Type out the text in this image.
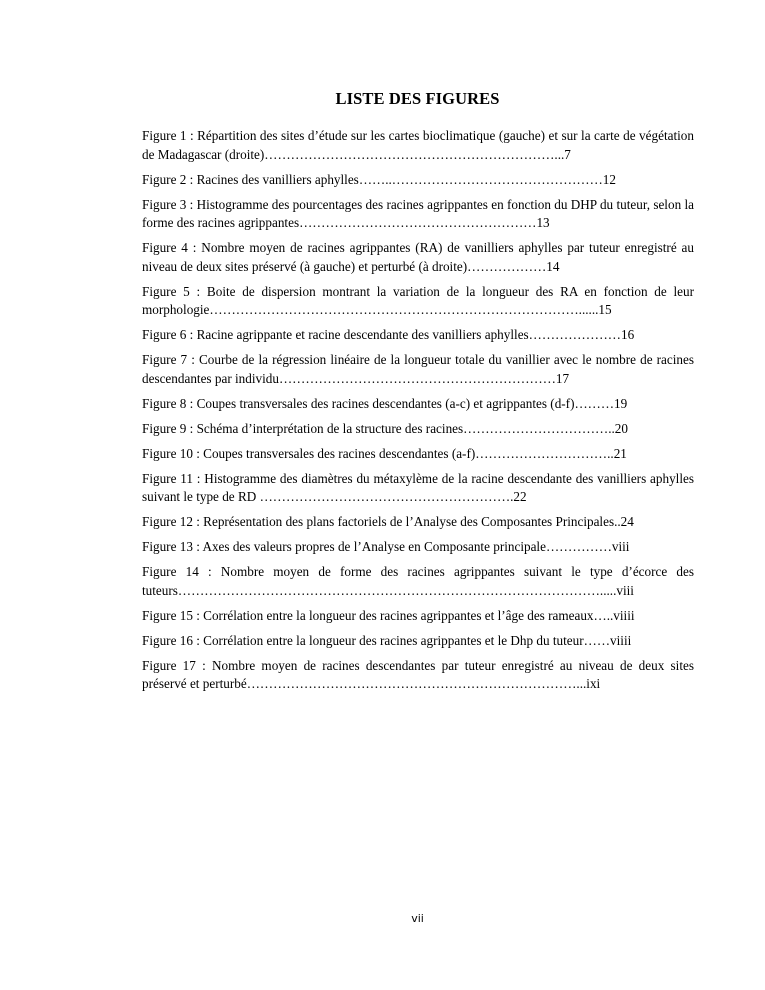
LISTE DES FIGURES
Figure 1 : Répartition des sites d’étude sur les cartes bioclimatique (gauche) et sur la carte de végétation de Madagascar (droite)…………………………………………………………...7
Figure 2 : Racines des vanilliers aphylles……..…………………………………………12
Figure 3 : Histogramme des pourcentages des racines agrippantes en fonction du DHP du tuteur, selon la forme des racines agrippantes………………………………………………13
Figure 4 : Nombre moyen de racines agrippantes (RA) de vanilliers aphylles par tuteur enregistré au niveau de deux sites préservé (à gauche) et perturbé (à droite)………………14
Figure 5 : Boite de dispersion montrant la variation de la longueur des RA en fonction de leur morphologie…………………………………………………………………………......15
Figure 6 : Racine agrippante et racine descendante des vanilliers aphylles…………………16
Figure 7 : Courbe de la régression linéaire de la longueur totale du vanillier avec le nombre de racines descendantes par individu………………………………………………………17
Figure 8 : Coupes transversales des racines descendantes (a-c) et agrippantes (d-f)………19
Figure 9 : Schéma d’interprétation de la structure des racines……………………………..20
Figure 10 : Coupes transversales des racines descendantes (a-f)…………………………..21
Figure 11 : Histogramme des diamètres du métaxylème de la racine descendante des vanilliers aphylles suivant le type de RD ………………………………………………….22
Figure 12 : Représentation des plans factoriels de l’Analyse des Composantes Principales..24
Figure 13 : Axes des valeurs propres de l’Analyse en Composante principale……………viii
Figure 14 : Nombre moyen de forme des racines agrippantes suivant le type d’écorce des tuteurs…………………………………………………………………………………….....viii
Figure 15 : Corrélation entre la longueur des racines agrippantes et l’âge des rameaux…..viiii
Figure 16 : Corrélation entre la longueur des racines agrippantes et le Dhp du tuteur……viiii
Figure 17 : Nombre moyen de racines descendantes par tuteur enregistré au niveau de deux sites préservé et perturbé…………………………………………………………………...ixi
vii
